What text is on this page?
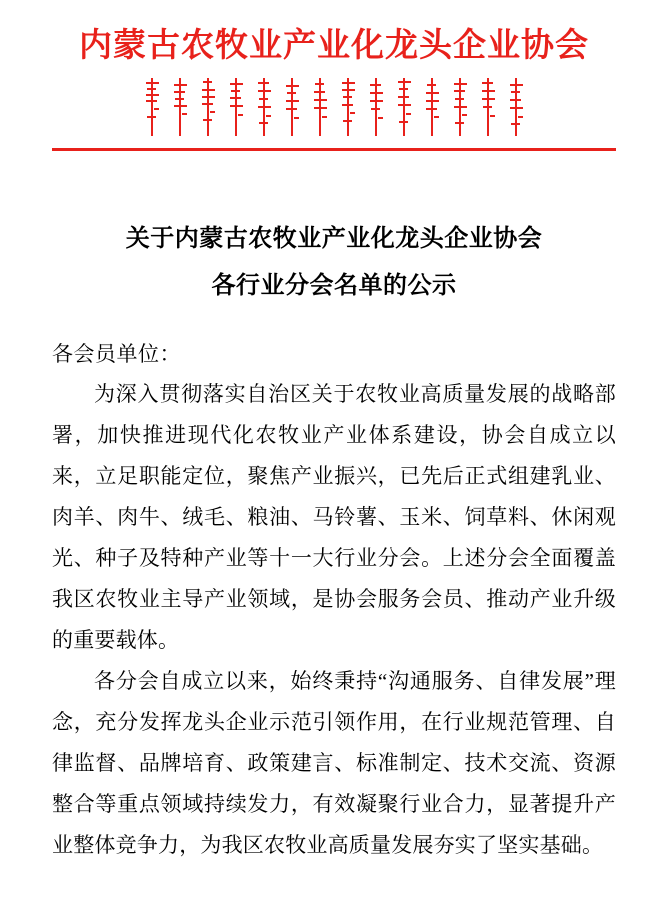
内蒙古农牧业产业化龙头企业协会
关于内蒙古农牧业产业化龙头企业协会
各行业分会名单的公示
各会员单位：

为深入贯彻落实自治区关于农牧业高质量发展的战略部署，加快推进现代化农牧业产业体系建设，协会自成立以来，立足职能定位，聚焦产业振兴，已先后正式组建乳业、肉羊、肉牛、绒毛、粮油、马铃薯、玉米、饲草料、休闲观光、种子及特种产业等十一大行业分会。上述分会全面覆盖我区农牧业主导产业领域，是协会服务会员、推动产业升级的重要载体。

各分会自成立以来，始终秉持“沟通服务、自律发展”理念，充分发挥龙头企业示范引领作用，在行业规范管理、自律监督、品牌培育、政策建言、标准制定、技术交流、资源整合等重点领域持续发力，有效凝聚行业合力，显著提升产业整体竞争力，为我区农牧业高质量发展夯实了坚实基础。
